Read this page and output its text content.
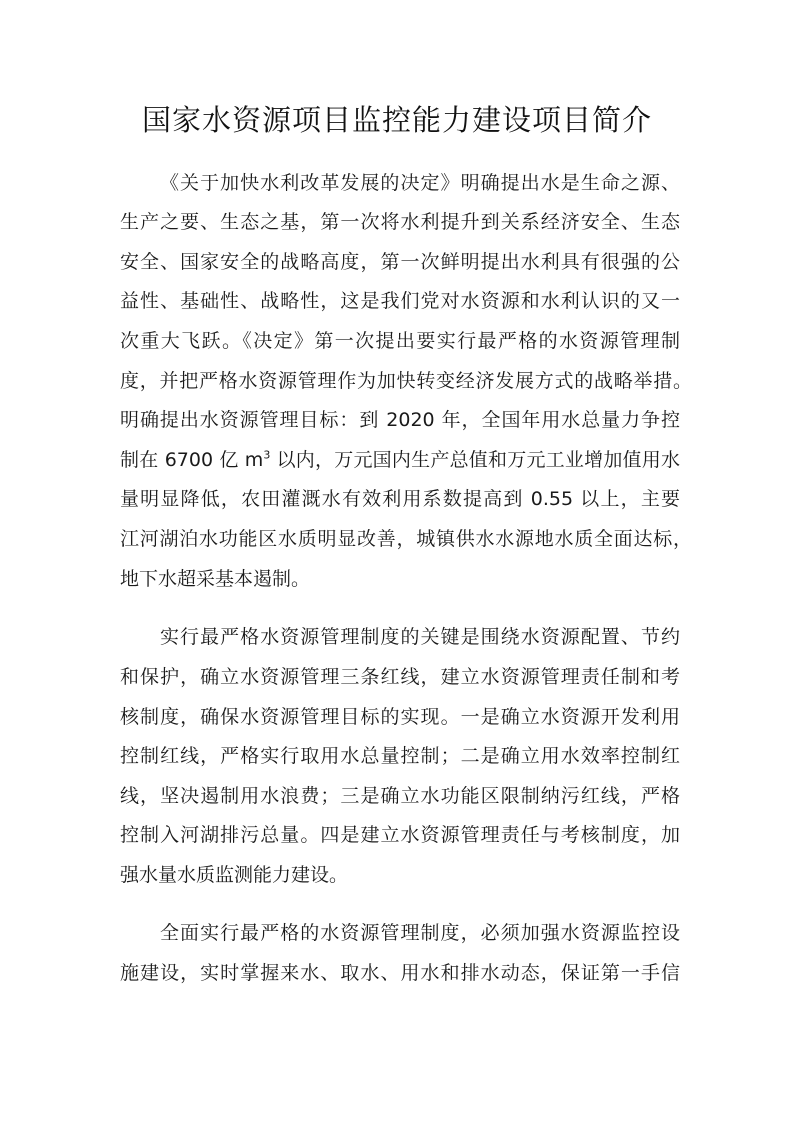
国家水资源项目监控能力建设项目简介
《关于加快水利改革发展的决定》明确提出水是生命之源、
生产之要、生态之基，第一次将水利提升到关系经济安全、生态
安全、国家安全的战略高度，第一次鲜明提出水利具有很强的公
益性、基础性、战略性，这是我们党对水资源和水利认识的又一
次重大飞跃。《决定》第一次提出要实行最严格的水资源管理制
度，并把严格水资源管理作为加快转变经济发展方式的战略举措。
明确提出水资源管理目标：到 2020 年，全国年用水总量力争控
制在 6700 亿 $m^3$ 以内，万元国内生产总值和万元工业增加值用水
量明显降低，农田灌溉水有效利用系数提高到 0.55 以上，主要
江河湖泊水功能区水质明显改善，城镇供水水源地水质全面达标，
地下水超采基本遏制。
实行最严格水资源管理制度的关键是围绕水资源配置、节约
和保护，确立水资源管理三条红线，建立水资源管理责任制和考
核制度，确保水资源管理目标的实现。一是确立水资源开发利用
控制红线，严格实行取用水总量控制；二是确立用水效率控制红
线，坚决遏制用水浪费；三是确立水功能区限制纳污红线，严格
控制入河湖排污总量。四是建立水资源管理责任与考核制度，加
强水量水质监测能力建设。
全面实行最严格的水资源管理制度，必须加强水资源监控设
施建设，实时掌握来水、取水、用水和排水动态，保证第一手信
